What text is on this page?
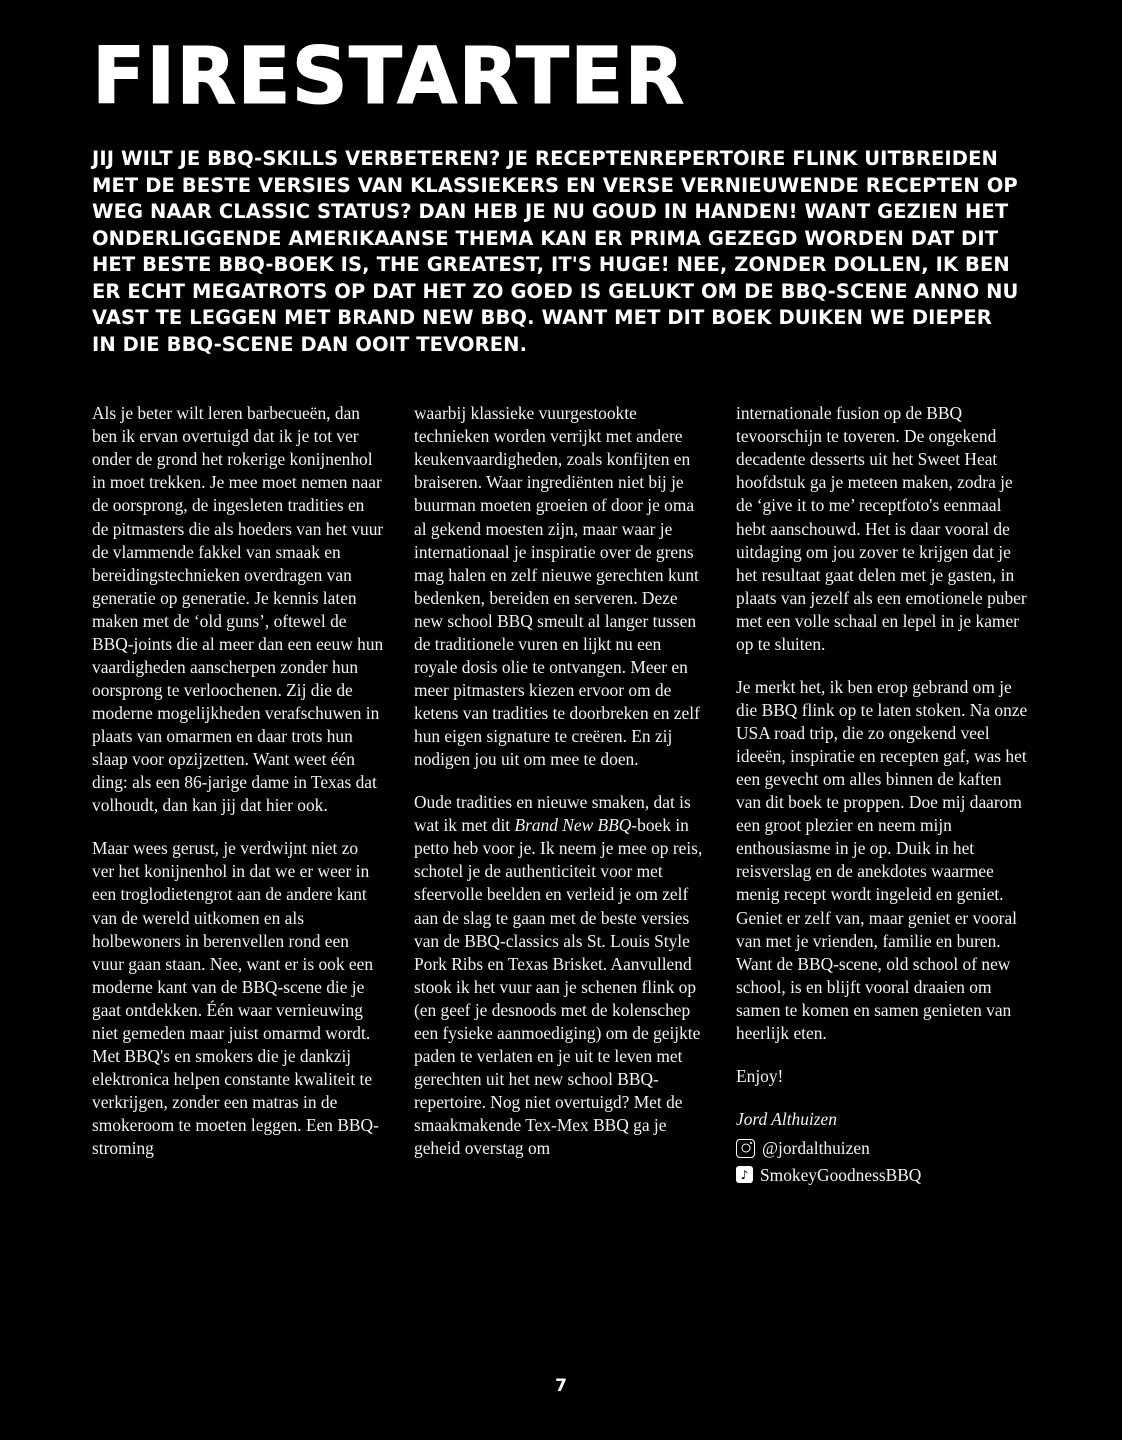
FIRESTARTER

JIJ WILT JE BBQ-SKILLS VERBETEREN? JE RECEPTENREPERTOIRE FLINK UITBREIDEN MET DE BESTE VERSIES VAN KLASSIEKERS EN VERSE VERNIEUWENDE RECEPTEN OP WEG NAAR CLASSIC STATUS? DAN HEB JE NU GOUD IN HANDEN! WANT GEZIEN HET ONDERLIGGENDE AMERIKAANSE THEMA KAN ER PRIMA GEZEGD WORDEN DAT DIT HET BESTE BBQ-BOEK IS, THE GREATEST, IT'S HUGE! NEE, ZONDER DOLLEN, IK BEN ER ECHT MEGATROTS OP DAT HET ZO GOED IS GELUKT OM DE BBQ-SCENE ANNO NU VAST TE LEGGEN MET BRAND NEW BBQ. WANT MET DIT BOEK DUIKEN WE DIEPER IN DIE BBQ-SCENE DAN OOIT TEVOREN.

Als je beter wilt leren barbecueën, dan ben ik ervan overtuigd dat ik je tot ver onder de grond het rokerige konijnenhol in moet trekken. Je mee moet nemen naar de oorsprong, de ingesleten tradities en de pitmasters die als hoeders van het vuur de vlammende fakkel van smaak en bereidingstechnieken overdragen van generatie op generatie. Je kennis laten maken met de ‘old guns’, oftewel de BBQ-joints die al meer dan een eeuw hun vaardigheden aanscherpen zonder hun oorsprong te verloochenen. Zij die de moderne mogelijkheden verafschuwen in plaats van omarmen en daar trots hun slaap voor opzijzetten. Want weet één ding: als een 86-jarige dame in Texas dat volhoudt, dan kan jij dat hier ook.

Maar wees gerust, je verdwijnt niet zo ver het konijnenhol in dat we er weer in een troglodietengrot aan de andere kant van de wereld uitkomen en als holbewoners in berenvellen rond een vuur gaan staan. Nee, want er is ook een moderne kant van de BBQ-scene die je gaat ontdekken. Één waar vernieuwing niet gemeden maar juist omarmd wordt. Met BBQ's en smokers die je dankzij elektronica helpen constante kwaliteit te verkrijgen, zonder een matras in de smokeroom te moeten leggen. Een BBQ-stroming

waarbij klassieke vuurgestookte technieken worden verrijkt met andere keukenvaardigheden, zoals konfijten en braiseren. Waar ingrediënten niet bij je buurman moeten groeien of door je oma al gekend moesten zijn, maar waar je internationaal je inspiratie over de grens mag halen en zelf nieuwe gerechten kunt bedenken, bereiden en serveren. Deze new school BBQ smeult al langer tussen de traditionele vuren en lijkt nu een royale dosis olie te ontvangen. Meer en meer pitmasters kiezen ervoor om de ketens van tradities te doorbreken en zelf hun eigen signature te creëren. En zij nodigen jou uit om mee te doen.

Oude tradities en nieuwe smaken, dat is wat ik met dit Brand New BBQ-boek in petto heb voor je. Ik neem je mee op reis, schotel je de authenticiteit voor met sfeervolle beelden en verleid je om zelf aan de slag te gaan met de beste versies van de BBQ-classics als St. Louis Style Pork Ribs en Texas Brisket. Aanvullend stook ik het vuur aan je schenen flink op (en geef je desnoods met de kolenschep een fysieke aanmoediging) om de geijkte paden te verlaten en je uit te leven met gerechten uit het new school BBQ-repertoire. Nog niet overtuigd? Met de smaakmakende Tex-Mex BBQ ga je geheid overstag om

internationale fusion op de BBQ tevoorschijn te toveren. De ongekend decadente desserts uit het Sweet Heat hoofdstuk ga je meteen maken, zodra je de ‘give it to me’ receptfoto's eenmaal hebt aanschouwd. Het is daar vooral de uitdaging om jou zover te krijgen dat je het resultaat gaat delen met je gasten, in plaats van jezelf als een emotionele puber met een volle schaal en lepel in je kamer op te sluiten.

Je merkt het, ik ben erop gebrand om je die BBQ flink op te laten stoken. Na onze USA road trip, die zo ongekend veel ideeën, inspiratie en recepten gaf, was het een gevecht om alles binnen de kaften van dit boek te proppen. Doe mij daarom een groot plezier en neem mijn enthousiasme in je op. Duik in het reisverslag en de anekdotes waarmee menig recept wordt ingeleid en geniet. Geniet er zelf van, maar geniet er vooral van met je vrienden, familie en buren. Want de BBQ-scene, old school of new school, is en blijft vooral draaien om samen te komen en samen genieten van heerlijk eten.

Enjoy!

Jord Althuizen

@jordalthuizen
♪ SmokeyGoodnessBBQ
7
